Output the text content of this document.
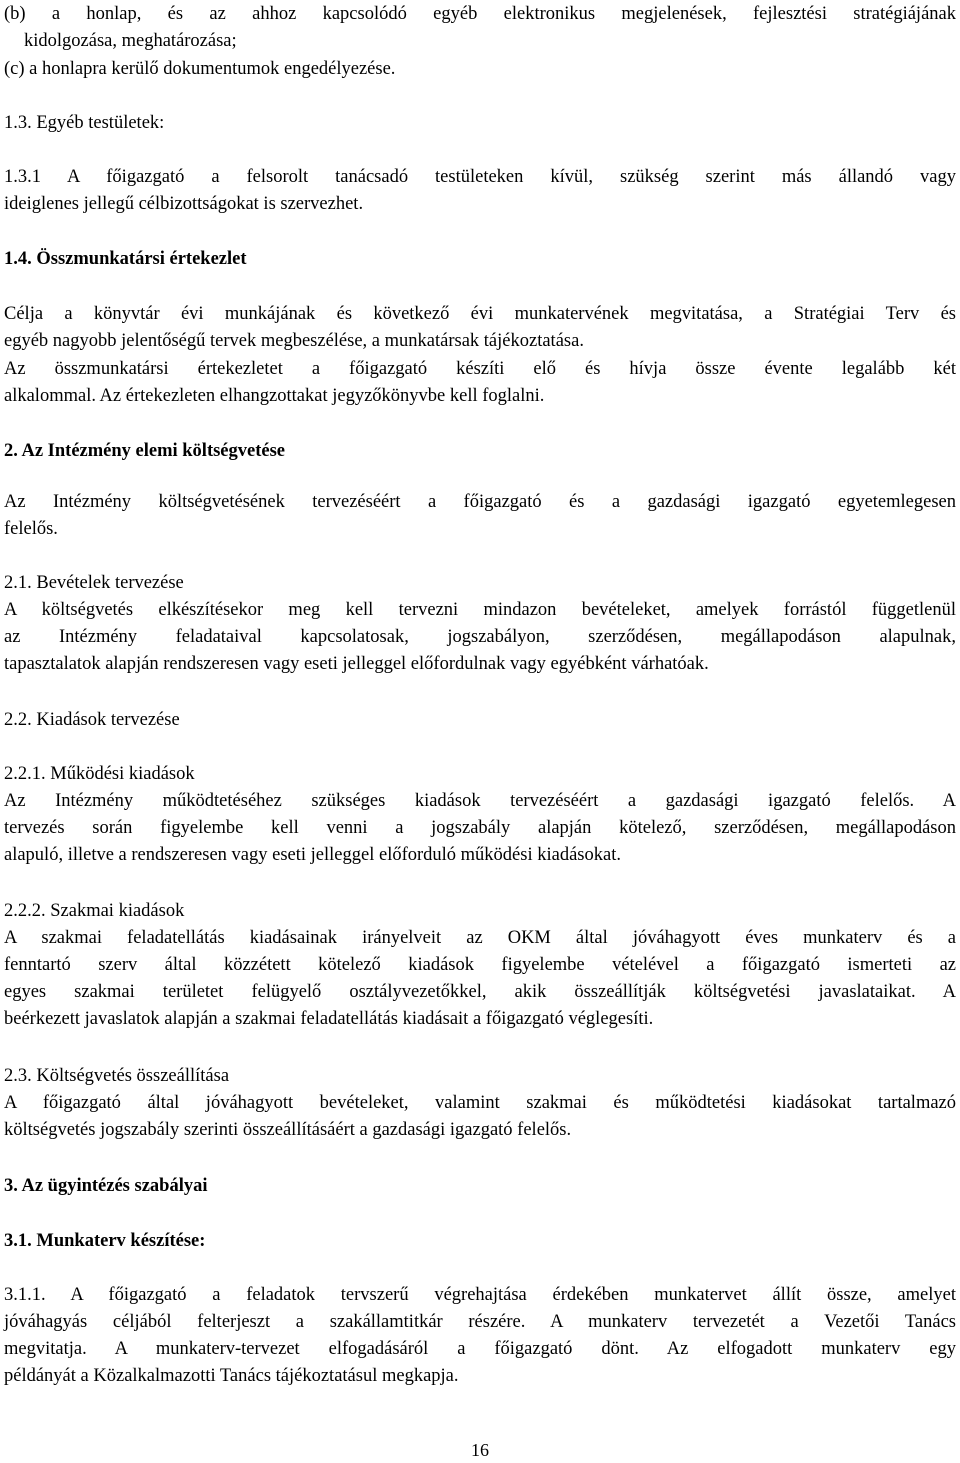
(b) a honlap, és az ahhoz kapcsolódó egyéb elektronikus megjelenések, fejlesztési stratégiájának
kidolgozása, meghatározása;
(c) a honlapra kerülő dokumentumok engedélyezése.
1.3. Egyéb testületek:
1.3.1 A főigazgató a felsorolt tanácsadó testületeken kívül, szükség szerint más állandó vagy
ideiglenes jellegű célbizottságokat is szervezhet.
1.4. Összmunkatársi értekezlet
Célja a könyvtár évi munkájának és következő évi munkatervének megvitatása, a Stratégiai Terv és
egyéb nagyobb jelentőségű tervek megbeszélése, a munkatársak tájékoztatása.
Az összmunkatársi értekezletet a főigazgató készíti elő és hívja össze évente legalább két
alkalommal. Az értekezleten elhangzottakat jegyzőkönyvbe kell foglalni.
2. Az Intézmény elemi költségvetése
Az Intézmény költségvetésének tervezéséért a főigazgató és a gazdasági igazgató egyetemlegesen
felelős.
2.1. Bevételek tervezése
A költségvetés elkészítésekor meg kell tervezni mindazon bevételeket, amelyek forrástól függetlenül
az Intézmény feladataival kapcsolatosak, jogszabályon, szerződésen, megállapodáson alapulnak,
tapasztalatok alapján rendszeresen vagy eseti jelleggel előfordulnak vagy egyébként várhatóak.
2.2. Kiadások tervezése
2.2.1. Működési kiadások
Az Intézmény működtetéséhez szükséges kiadások tervezéséért a gazdasági igazgató felelős. A
tervezés során figyelembe kell venni a jogszabály alapján kötelező, szerződésen, megállapodáson
alapuló, illetve a rendszeresen vagy eseti jelleggel előforduló működési kiadásokat.
2.2.2. Szakmai kiadások
A szakmai feladatellátás kiadásainak irányelveit az OKM által jóváhagyott éves munkaterv és a
fenntartó szerv által közzétett kötelező kiadások figyelembe vételével a főigazgató ismerteti az
egyes szakmai területet felügyelő osztályvezetőkkel, akik összeállítják költségvetési javaslataikat. A
beérkezett javaslatok alapján a szakmai feladatellátás kiadásait a főigazgató véglegesíti.
2.3. Költségvetés összeállítása
A főigazgató által jóváhagyott bevételeket, valamint szakmai és működtetési kiadásokat tartalmazó
költségvetés jogszabály szerinti összeállításáért a gazdasági igazgató felelős.
3. Az ügyintézés szabályai
3.1. Munkaterv készítése:
3.1.1. A főigazgató a feladatok tervszerű végrehajtása érdekében munkatervet állít össze, amelyet
jóváhagyás céljából felterjeszt a szakállamtitkár részére. A munkaterv tervezetét a Vezetői Tanács
megvitatja. A munkaterv-tervezet elfogadásáról a főigazgató dönt. Az elfogadott munkaterv egy
példányát a Közalkalmazotti Tanács tájékoztatásul megkapja.
16
